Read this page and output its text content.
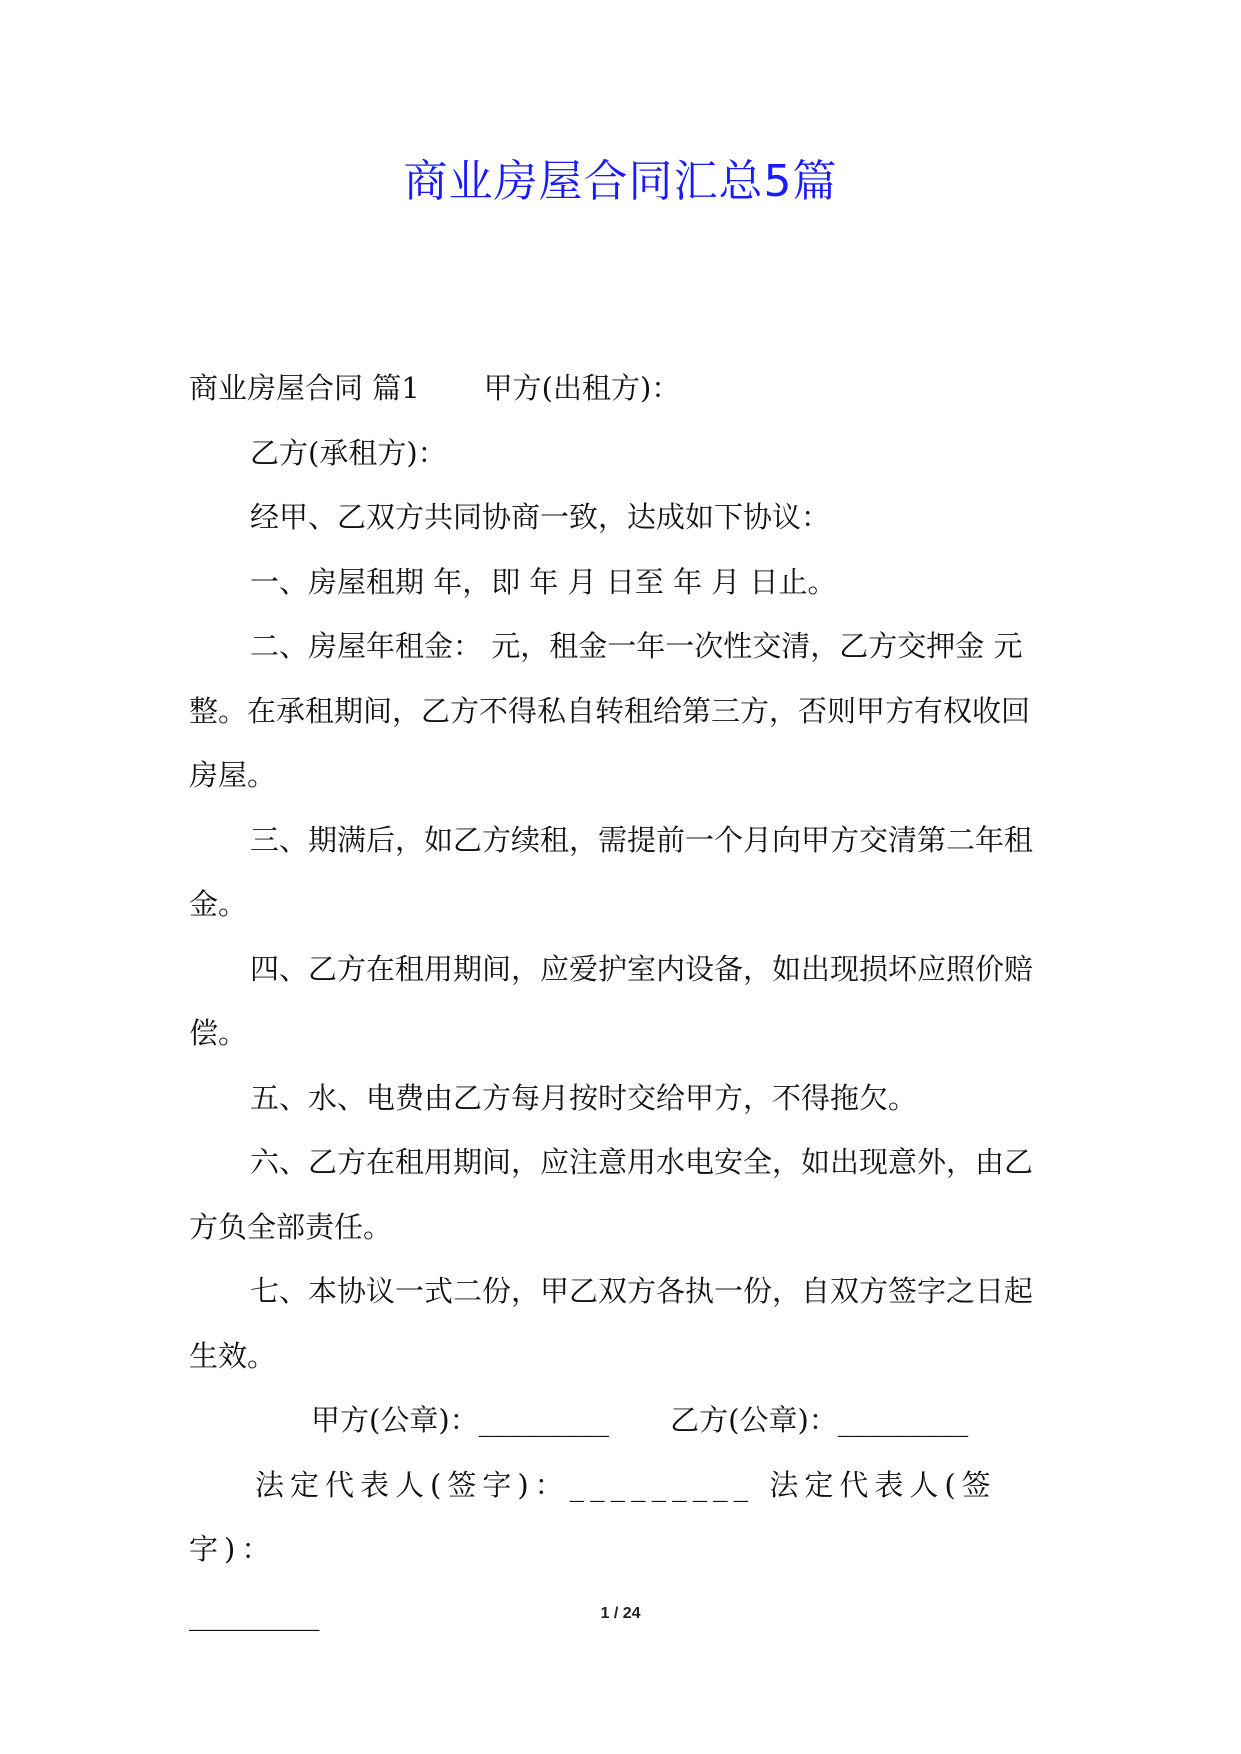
商业房屋合同汇总5篇

商业房屋合同 篇1 甲方(出租方)：

乙方(承租方)：

经甲、乙双方共同协商一致，达成如下协议：

一、房屋租期 年，即 年 月 日至 年 月 日止。

二、房屋年租金： 元，租金一年一次性交清，乙方交押金 元整。在承租期间，乙方不得私自转租给第三方，否则甲方有权收回房屋。

三、期满后，如乙方续租，需提前一个月向甲方交清第二年租金。

四、乙方在租用期间，应爱护室内设备，如出现损坏应照价赔偿。

五、水、电费由乙方每月按时交给甲方，不得拖欠。

六、乙方在租用期间，应注意用水电安全，如出现意外，由乙方负全部责任。

七、本协议一式二份，甲乙双方各执一份，自双方签字之日起生效。

甲方(公章)：_________ 乙方(公章)：_________

法定代表人(签字)：_________ 法定代表人(签字)：

_________	1 / 24
